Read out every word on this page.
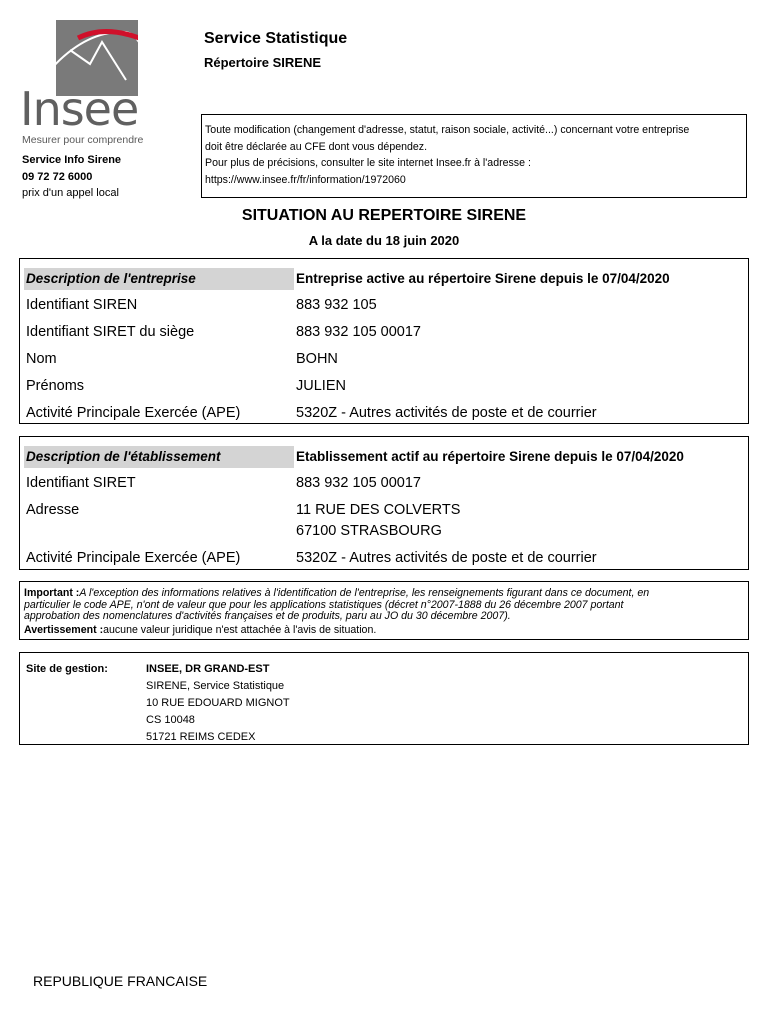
Insee
Mesurer pour comprendre
Service Info Sirene
09 72 72 6000
prix d'un appel local
Service Statistique
Répertoire SIRENE
Toute modification (changement d'adresse, statut, raison sociale, activité...) concernant votre entreprise
doit être déclarée au CFE dont vous dépendez.
Pour plus de précisions, consulter le site internet Insee.fr à l'adresse :
https://www.insee.fr/fr/information/1972060
SITUATION AU REPERTOIRE SIRENE
A la date du 18 juin 2020
Description de l'entreprise	Entreprise active au répertoire Sirene depuis le 07/04/2020
Identifiant SIREN	883 932 105
Identifiant SIRET du siège	883 932 105 00017
Nom	BOHN
Prénoms	JULIEN
Activité Principale Exercée (APE)	5320Z - Autres activités de poste et de courrier
Description de l'établissement	Etablissement actif au répertoire Sirene depuis le 07/04/2020
Identifiant SIRET	883 932 105 00017
Adresse	11 RUE DES COLVERTS
67100 STRASBOURG
Activité Principale Exercée (APE)	5320Z - Autres activités de poste et de courrier
Important :A l'exception des informations relatives à l'identification de l'entreprise, les renseignements figurant dans ce document, en
particulier le code APE, n'ont de valeur que pour les applications statistiques (décret n°2007-1888 du 26 décembre 2007 portant
approbation des nomenclatures d'activités françaises et de produits, paru au JO du 30 décembre 2007).
Avertissement :aucune valeur juridique n'est attachée à l'avis de situation.
Site de gestion:	INSEE, DR GRAND-EST
SIRENE, Service Statistique
10 RUE EDOUARD MIGNOT
CS 10048
51721 REIMS CEDEX
REPUBLIQUE FRANCAISE
